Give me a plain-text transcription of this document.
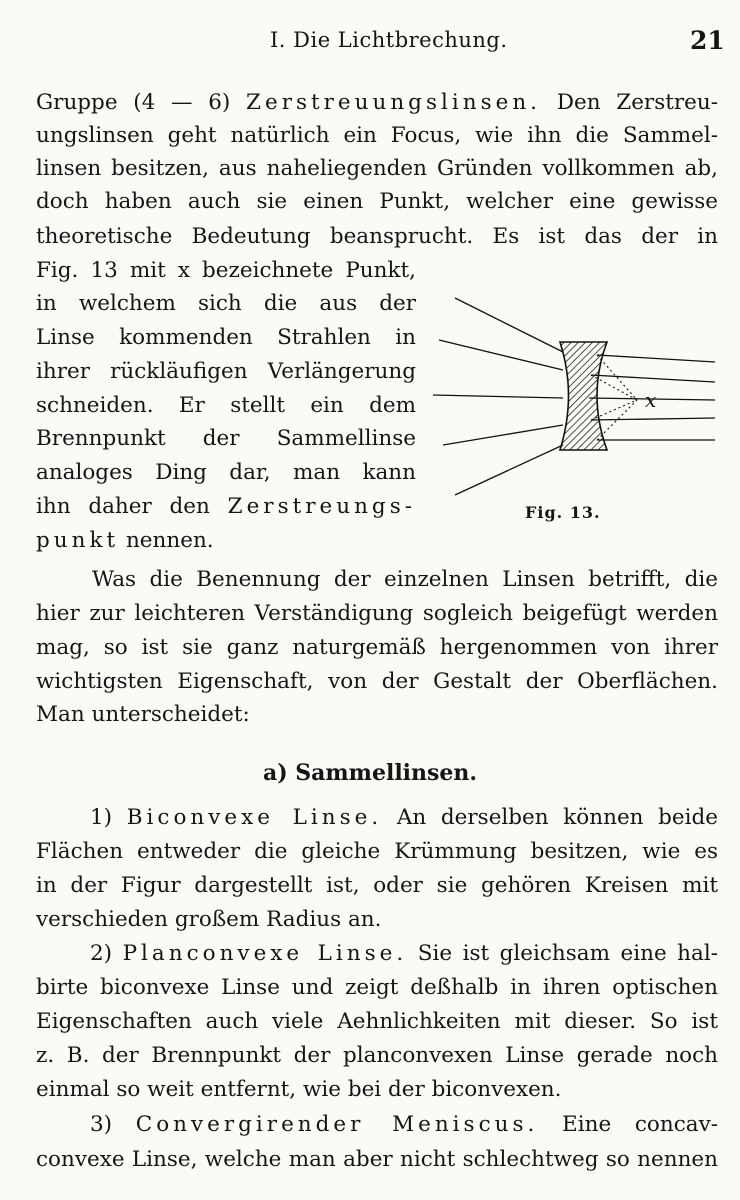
I. Die Lichtbrechung.	21
Gruppe (4 — 6) Zerstreuungslinsen. Den Zerstreu-
ungslinsen geht natürlich ein Focus, wie ihn die Sammel-
linsen besitzen, aus naheliegenden Gründen vollkommen ab,
doch haben auch sie einen Punkt, welcher eine gewisse
theoretische Bedeutung beansprucht. Es ist das der in
Fig. 13 mit x bezeichnete Punkt,
in welchem sich die aus der
Linse kommenden Strahlen in
ihrer rückläufigen Verlängerung
schneiden. Er stellt ein dem
Brennpunkt der Sammellinse
analoges Ding dar, man kann
ihn daher den Zerstreungs-
punkt nennen.
x
Fig. 13.
Was die Benennung der einzelnen Linsen betrifft, die
hier zur leichteren Verständigung sogleich beigefügt werden
mag, so ist sie ganz naturgemäß hergenommen von ihrer
wichtigsten Eigenschaft, von der Gestalt der Oberflächen.
Man unterscheidet:
a) Sammellinsen.
1) Biconvexe Linse. An derselben können beide
Flächen entweder die gleiche Krümmung besitzen, wie es
in der Figur dargestellt ist, oder sie gehören Kreisen mit
verschieden großem Radius an.
2) Planconvexe Linse. Sie ist gleichsam eine hal-
birte biconvexe Linse und zeigt deßhalb in ihren optischen
Eigenschaften auch viele Aehnlichkeiten mit dieser. So ist
z. B. der Brennpunkt der planconvexen Linse gerade noch
einmal so weit entfernt, wie bei der biconvexen.
3) Convergirender Meniscus. Eine concav-
convexe Linse, welche man aber nicht schlechtweg so nennen
